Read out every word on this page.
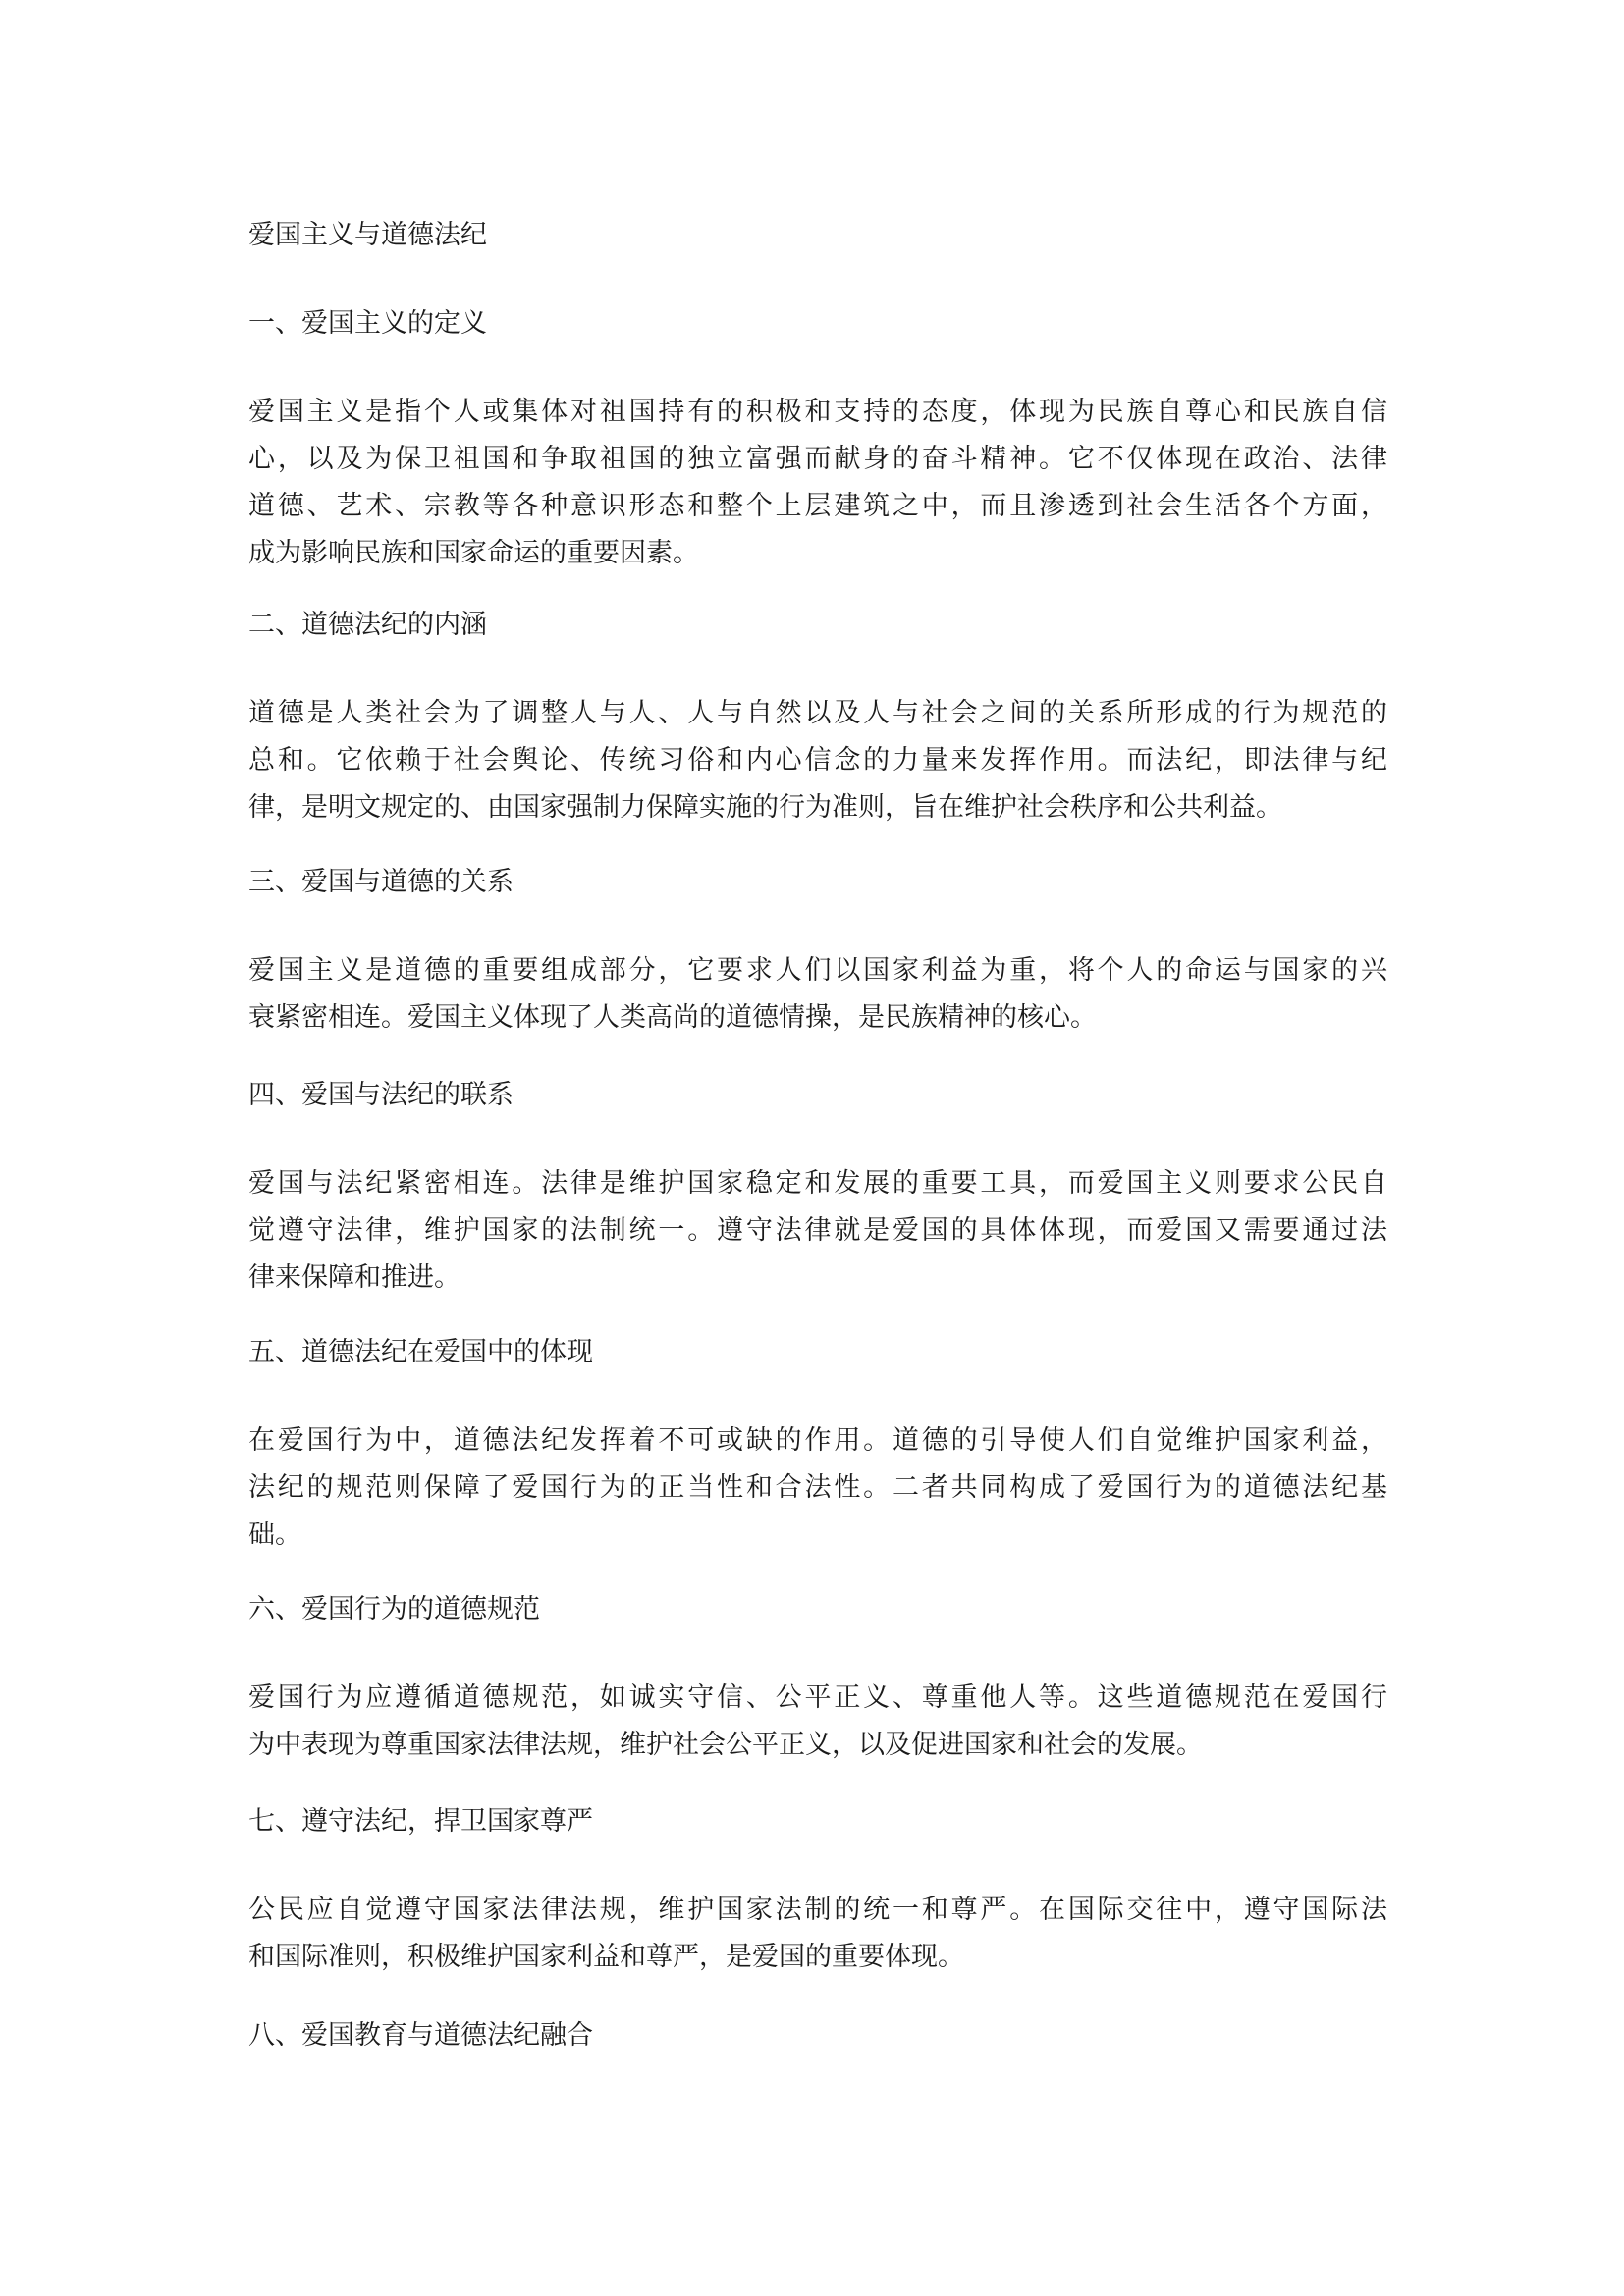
爱国主义与道德法纪
一、爱国主义的定义
爱国主义是指个人或集体对祖国持有的积极和支持的态度，体现为民族自尊心和民族自信
心，以及为保卫祖国和争取祖国的独立富强而献身的奋斗精神。它不仅体现在政治、法律
道德、艺术、宗教等各种意识形态和整个上层建筑之中，而且渗透到社会生活各个方面，
成为影响民族和国家命运的重要因素。
二、道德法纪的内涵
道德是人类社会为了调整人与人、人与自然以及人与社会之间的关系所形成的行为规范的
总和。它依赖于社会舆论、传统习俗和内心信念的力量来发挥作用。而法纪，即法律与纪
律，是明文规定的、由国家强制力保障实施的行为准则，旨在维护社会秩序和公共利益。
三、爱国与道德的关系
爱国主义是道德的重要组成部分，它要求人们以国家利益为重，将个人的命运与国家的兴
衰紧密相连。爱国主义体现了人类高尚的道德情操，是民族精神的核心。
四、爱国与法纪的联系
爱国与法纪紧密相连。法律是维护国家稳定和发展的重要工具，而爱国主义则要求公民自
觉遵守法律，维护国家的法制统一。遵守法律就是爱国的具体体现，而爱国又需要通过法
律来保障和推进。
五、道德法纪在爱国中的体现
在爱国行为中，道德法纪发挥着不可或缺的作用。道德的引导使人们自觉维护国家利益，
法纪的规范则保障了爱国行为的正当性和合法性。二者共同构成了爱国行为的道德法纪基
础。
六、爱国行为的道德规范
爱国行为应遵循道德规范，如诚实守信、公平正义、尊重他人等。这些道德规范在爱国行
为中表现为尊重国家法律法规，维护社会公平正义，以及促进国家和社会的发展。
七、遵守法纪，捍卫国家尊严
公民应自觉遵守国家法律法规，维护国家法制的统一和尊严。在国际交往中，遵守国际法
和国际准则，积极维护国家利益和尊严，是爱国的重要体现。
八、爱国教育与道德法纪融合
